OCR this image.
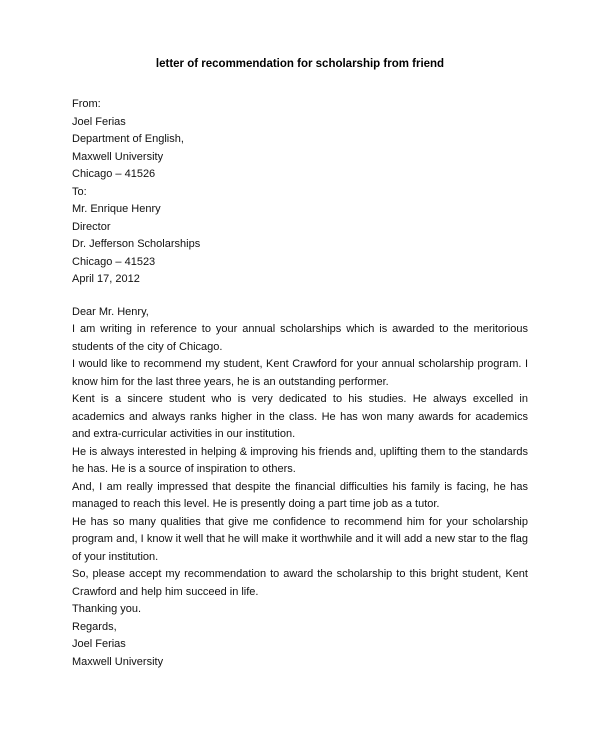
letter of recommendation for scholarship from friend
From:
Joel Ferias
Department of English,
Maxwell University
Chicago – 41526
To:
Mr. Enrique Henry
Director
Dr. Jefferson Scholarships
Chicago – 41523
April 17, 2012
Dear Mr. Henry,

I am writing in reference to your annual scholarships which is awarded to the meritorious students of the city of Chicago.

I would like to recommend my student, Kent Crawford for your annual scholarship program. I know him for the last three years, he is an outstanding performer.

Kent is a sincere student who is very dedicated to his studies. He always excelled in academics and always ranks higher in the class. He has won many awards for academics and extra-curricular activities in our institution.

He is always interested in helping & improving his friends and, uplifting them to the standards he has. He is a source of inspiration to others.

And, I am really impressed that despite the financial difficulties his family is facing, he has managed to reach this level. He is presently doing a part time job as a tutor.

He has so many qualities that give me confidence to recommend him for your scholarship program and, I know it well that he will make it worthwhile and it will add a new star to the flag of your institution.

So, please accept my recommendation to award the scholarship to this bright student, Kent Crawford and help him succeed in life.

Thanking you.
Regards,
Joel Ferias
Maxwell University
